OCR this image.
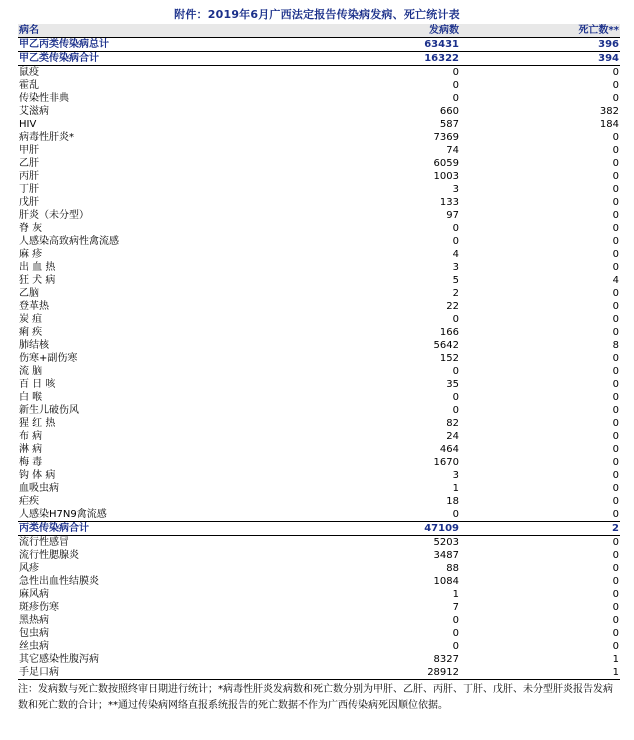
附件：2019年6月广西法定报告传染病发病、死亡统计表
病名	发病数	死亡数**
甲乙丙类传染病总计	63431	396
甲乙类传染病合计	16322	394
鼠疫	0	0
霍乱	0	0
传染性非典	0	0
艾滋病	660	382
HIV	587	184
病毒性肝炎*	7369	0
甲肝	74	0
乙肝	6059	0
丙肝	1003	0
丁肝	3	0
戊肝	133	0
肝炎（未分型）	97	0
脊 灰	0	0
人感染高致病性禽流感	0	0
麻 疹	4	0
出 血 热	3	0
狂 犬 病	5	4
乙脑	2	0
登革热	22	0
炭 疽	0	0
痢 疾	166	0
肺结核	5642	8
伤寒+副伤寒	152	0
流 脑	0	0
百 日 咳	35	0
白 喉	0	0
新生儿破伤风	0	0
猩 红 热	82	0
布 病	24	0
淋 病	464	0
梅 毒	1670	0
钩 体 病	3	0
血吸虫病	1	0
疟疾	18	0
人感染H7N9禽流感	0	0
丙类传染病合计	47109	2
流行性感冒	5203	0
流行性腮腺炎	3487	0
风疹	88	0
急性出血性结膜炎	1084	0
麻风病	1	0
斑疹伤寒	7	0
黑热病	0	0
包虫病	0	0
丝虫病	0	0
其它感染性腹泻病	8327	1
手足口病	28912	1
注：发病数与死亡数按照终审日期进行统计；*病毒性肝炎发病数和死亡数分别为甲肝、乙肝、丙肝、丁肝、戊肝、未分型肝炎报告发病数和死亡数的合计；**通过传染病网络直报系统报告的死亡数据不作为广西传染病死因顺位依据。
